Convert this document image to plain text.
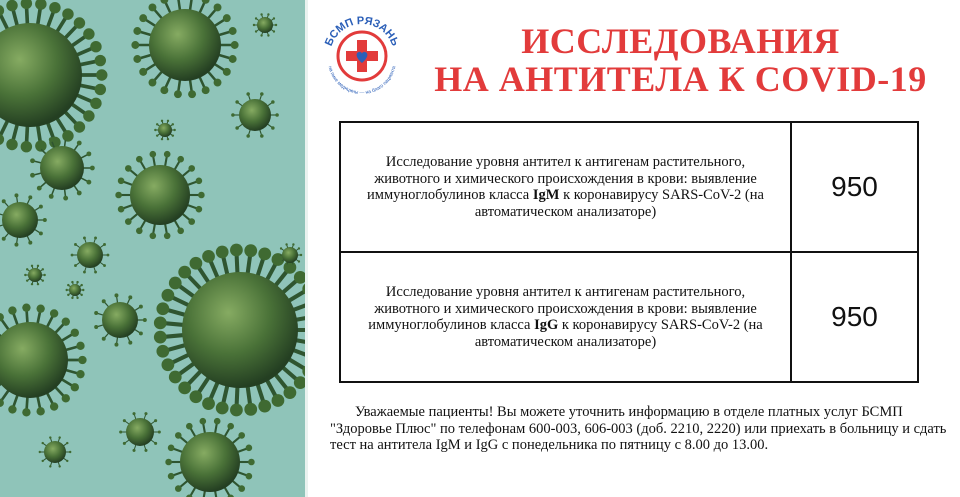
БСМП РЯЗАНЬ
на пике медицины — на благо пациента
ИССЛЕДОВАНИЯ
НА АНТИТЕЛА К COVID-19
Исследование уровня антител к антигенам растительного, животного и химического происхождения в крови: выявление иммуноглобулинов класса IgM к коронавирусу SARS-CoV-2 (на автоматическом анализаторе)
950
Исследование уровня антител к антигенам растительного, животного и химического происхождения в крови: выявление иммуноглобулинов класса IgG к коронавирусу SARS-CoV-2 (на автоматическом анализаторе)
950
Уважаемые пациенты! Вы можете уточнить информацию в отделе платных услуг БСМП "Здоровье Плюс" по телефонам 600-003, 606-003 (доб. 2210, 2220) или приехать в больницу и сдать тест на антитела IgM и IgG с понедельника по пятницу с 8.00 до 13.00.
